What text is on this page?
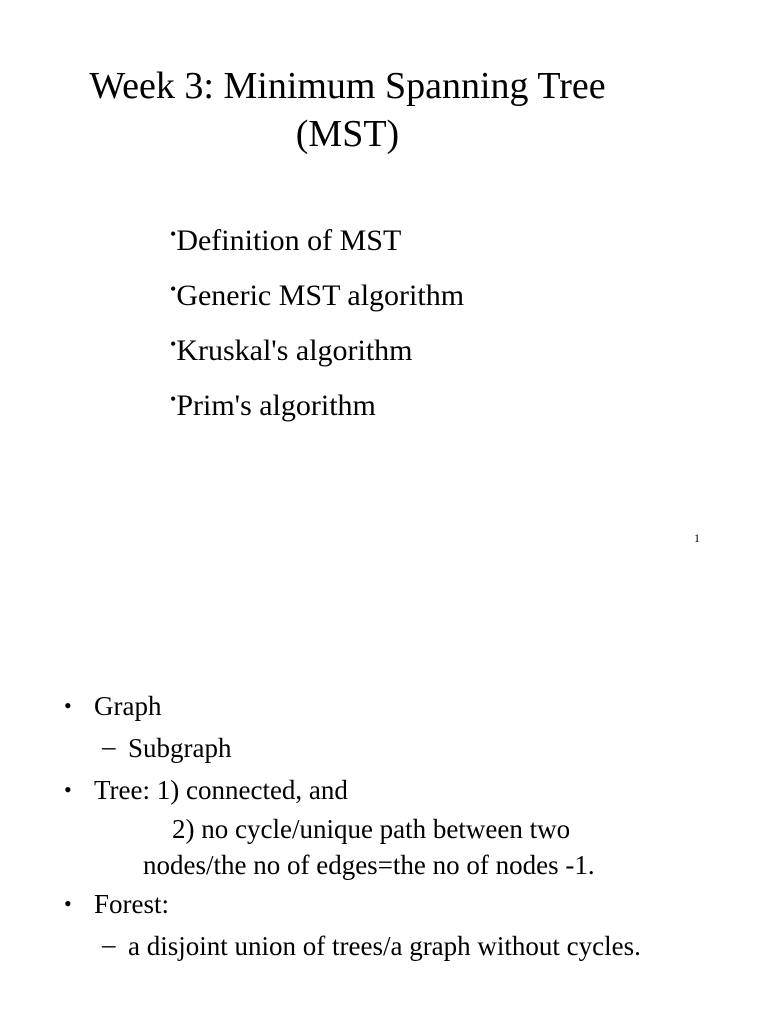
Week 3: Minimum Spanning Tree
(MST)
•Definition of MST
•Generic MST algorithm
•Kruskal's algorithm
•Prim's algorithm
1
• Graph
– Subgraph
• Tree: 1) connected, and
2) no cycle/unique path between two
nodes/the no of edges=the no of nodes -1.
• Forest:
– a disjoint union of trees/a graph without cycles.
